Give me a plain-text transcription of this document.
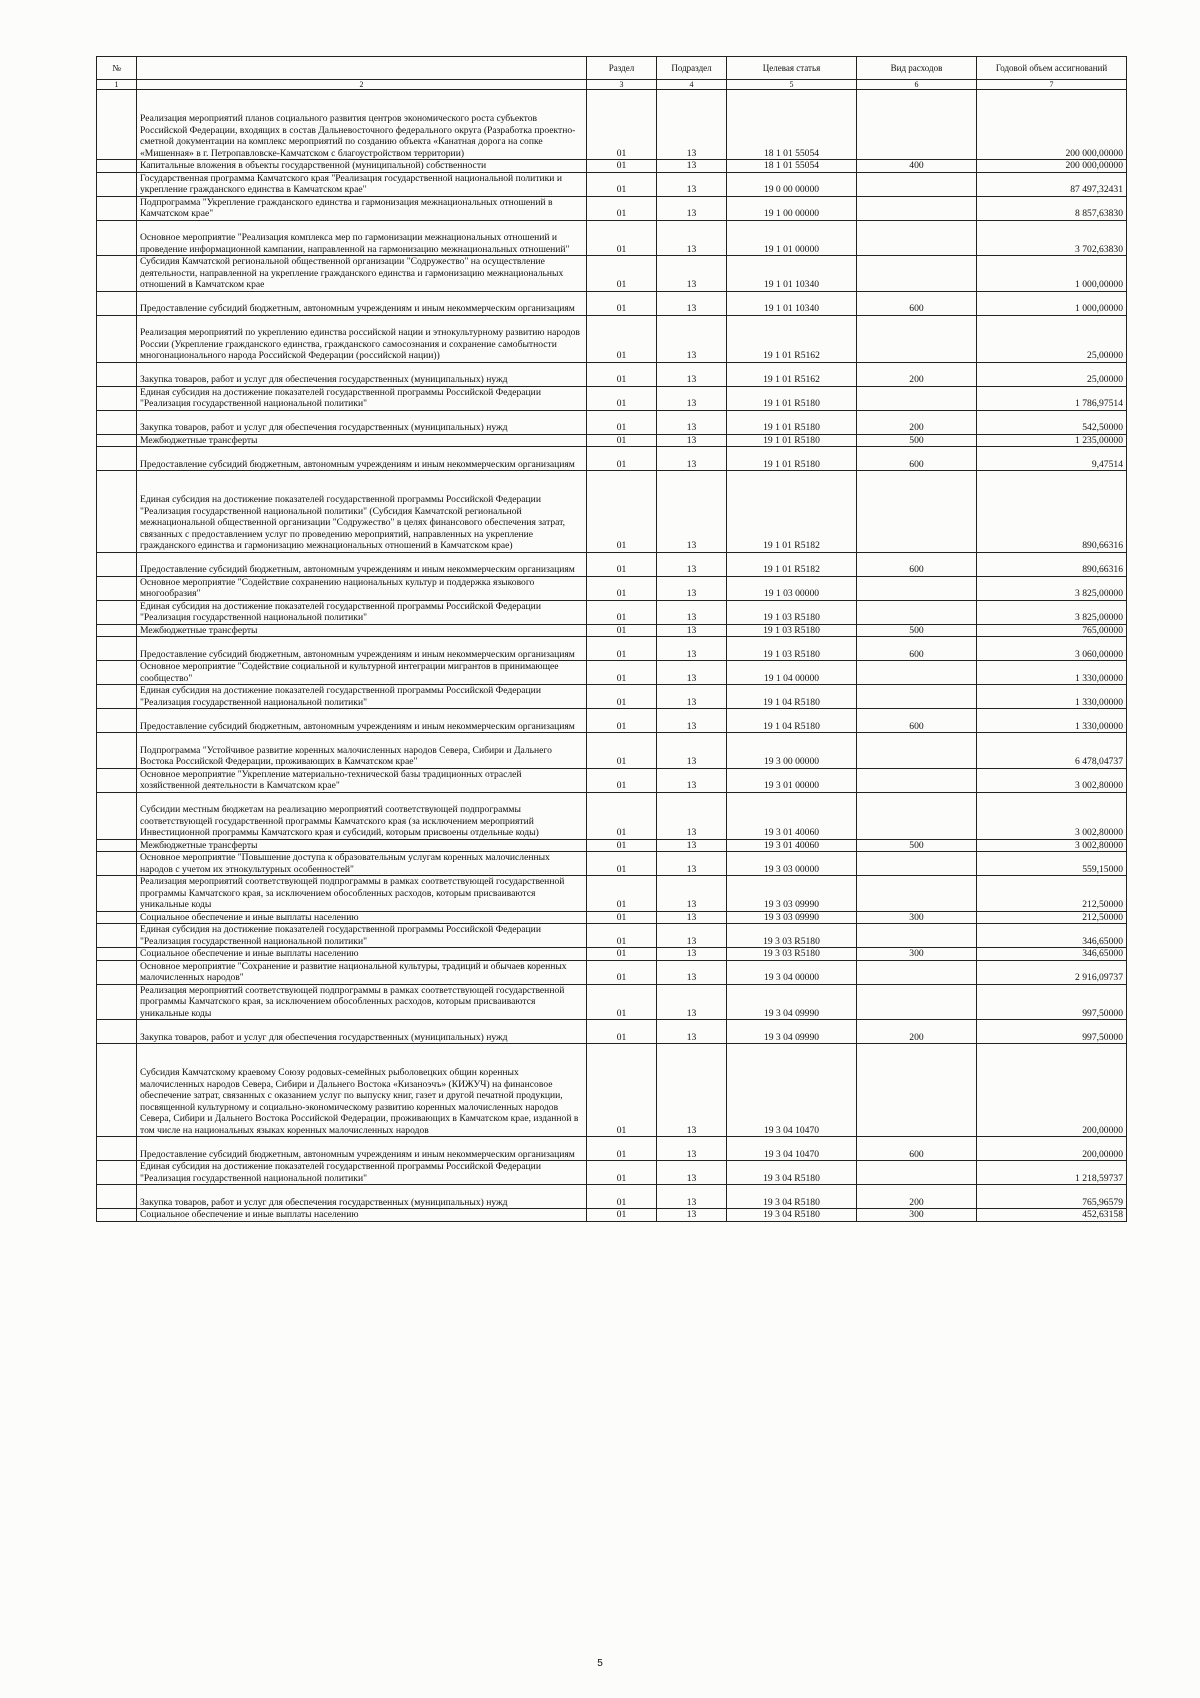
№		Раздел	Подраздел	Целевая статья	Вид расходов	Годовой объем ассигнований
1	2	3	4	5	6	7
	Реализация мероприятий планов социального развития центров экономического роста субъектов Российской Федерации, входящих в состав Дальневосточного федерального округа (Разработка проектно-сметной документации на комплекс мероприятий по созданию объекта «Канатная дорога на сопке «Мишенная» в г. Петропавловске-Камчатском с благоустройством территории)	01	13	18 1 01 55054		200 000,00000
	Капитальные вложения в объекты государственной (муниципальной) собственности	01	13	18 1 01 55054	400	200 000,00000
	Государственная программа Камчатского края "Реализация государственной национальной политики и укрепление гражданского единства в Камчатском крае"	01	13	19 0 00 00000		87 497,32431
	Подпрограмма "Укрепление гражданского единства и гармонизация межнациональных отношений в Камчатском крае"	01	13	19 1 00 00000		8 857,63830
	Основное мероприятие "Реализация комплекса мер по гармонизации межнациональных отношений и проведение информационной кампании, направленной на гармонизацию межнациональных отношений"	01	13	19 1 01 00000		3 702,63830
	Субсидия Камчатской региональной общественной организации "Содружество" на осуществление деятельности, направленной на укрепление гражданского единства и гармонизацию межнациональных отношений в Камчатском крае	01	13	19 1 01 10340		1 000,00000
	Предоставление субсидий бюджетным, автономным учреждениям и иным некоммерческим организациям	01	13	19 1 01 10340	600	1 000,00000
	Реализация мероприятий по укреплению единства российской нации и этнокультурному развитию народов России (Укрепление гражданского единства, гражданского самосознания и сохранение самобытности многонационального народа Российской Федерации (российской нации))	01	13	19 1 01 R5162		25,00000
	Закупка товаров, работ и услуг для обеспечения государственных (муниципальных) нужд	01	13	19 1 01 R5162	200	25,00000
	Единая субсидия на достижение показателей государственной программы Российской Федерации "Реализация государственной национальной политики"	01	13	19 1 01 R5180		1 786,97514
	Закупка товаров, работ и услуг для обеспечения государственных (муниципальных) нужд	01	13	19 1 01 R5180	200	542,50000
	Межбюджетные трансферты	01	13	19 1 01 R5180	500	1 235,00000
	Предоставление субсидий бюджетным, автономным учреждениям и иным некоммерческим организациям	01	13	19 1 01 R5180	600	9,47514
	Единая субсидия на достижение показателей государственной программы Российской Федерации "Реализация государственной национальной политики" (Субсидия Камчатской региональной межнациональной общественной организации "Содружество" в целях финансового обеспечения затрат, связанных с предоставлением услуг по проведению мероприятий, направленных на укрепление гражданского единства и гармонизацию межнациональных отношений в Камчатском крае)	01	13	19 1 01 R5182		890,66316
	Предоставление субсидий бюджетным, автономным учреждениям и иным некоммерческим организациям	01	13	19 1 01 R5182	600	890,66316
	Основное мероприятие "Содействие сохранению национальных культур и поддержка языкового многообразия"	01	13	19 1 03 00000		3 825,00000
	Единая субсидия на достижение показателей государственной программы Российской Федерации "Реализация государственной национальной политики"	01	13	19 1 03 R5180		3 825,00000
	Межбюджетные трансферты	01	13	19 1 03 R5180	500	765,00000
	Предоставление субсидий бюджетным, автономным учреждениям и иным некоммерческим организациям	01	13	19 1 03 R5180	600	3 060,00000
	Основное мероприятие "Содействие социальной и культурной интеграции мигрантов в принимающее сообщество"	01	13	19 1 04 00000		1 330,00000
	Единая субсидия на достижение показателей государственной программы Российской Федерации "Реализация государственной национальной политики"	01	13	19 1 04 R5180		1 330,00000
	Предоставление субсидий бюджетным, автономным учреждениям и иным некоммерческим организациям	01	13	19 1 04 R5180	600	1 330,00000
	Подпрограмма "Устойчивое развитие коренных малочисленных народов Севера, Сибири и Дальнего Востока Российской Федерации, проживающих в Камчатском крае"	01	13	19 3 00 00000		6 478,04737
	Основное мероприятие "Укрепление материально-технической базы традиционных отраслей хозяйственной деятельности в Камчатском крае"	01	13	19 3 01 00000		3 002,80000
	Субсидии местным бюджетам на реализацию мероприятий соответствующей подпрограммы соответствующей государственной программы Камчатского края (за исключением мероприятий Инвестиционной программы Камчатского края и субсидий, которым присвоены отдельные коды)	01	13	19 3 01 40060		3 002,80000
	Межбюджетные трансферты	01	13	19 3 01 40060	500	3 002,80000
	Основное мероприятие "Повышение доступа к образовательным услугам коренных малочисленных народов с учетом их этнокультурных особенностей"	01	13	19 3 03 00000		559,15000
	Реализация мероприятий соответствующей подпрограммы в рамках соответствующей государственной программы Камчатского края, за исключением обособленных расходов, которым присваиваются уникальные коды	01	13	19 3 03 09990		212,50000
	Социальное обеспечение и иные выплаты населению	01	13	19 3 03 09990	300	212,50000
	Единая субсидия на достижение показателей государственной программы Российской Федерации "Реализация государственной национальной политики"	01	13	19 3 03 R5180		346,65000
	Социальное обеспечение и иные выплаты населению	01	13	19 3 03 R5180	300	346,65000
	Основное мероприятие "Сохранение и развитие национальной культуры, традиций и обычаев коренных малочисленных народов"	01	13	19 3 04 00000		2 916,09737
	Реализация мероприятий соответствующей подпрограммы в рамках соответствующей государственной программы Камчатского края, за исключением обособленных расходов, которым присваиваются уникальные коды	01	13	19 3 04 09990		997,50000
	Закупка товаров, работ и услуг для обеспечения государственных (муниципальных) нужд	01	13	19 3 04 09990	200	997,50000
	Субсидия Камчатскому краевому Союзу родовых-семейных рыболовецких общин коренных малочисленных народов Севера, Сибири и Дальнего Востока «Кизаноэчъ» (КИЖУЧ) на финансовое обеспечение затрат, связанных с оказанием услуг по выпуску книг, газет и другой печатной продукции, посвященной культурному и социально-экономическому развитию коренных малочисленных народов Севера, Сибири и Дальнего Востока Российской Федерации, проживающих в Камчатском крае, изданной в том числе на национальных языках коренных малочисленных народов	01	13	19 3 04 10470		200,00000
	Предоставление субсидий бюджетным, автономным учреждениям и иным некоммерческим организациям	01	13	19 3 04 10470	600	200,00000
	Единая субсидия на достижение показателей государственной программы Российской Федерации "Реализация государственной национальной политики"	01	13	19 3 04 R5180		1 218,59737
	Закупка товаров, работ и услуг для обеспечения государственных (муниципальных) нужд	01	13	19 3 04 R5180	200	765,96579
	Социальное обеспечение и иные выплаты населению	01	13	19 3 04 R5180	300	452,63158
5
